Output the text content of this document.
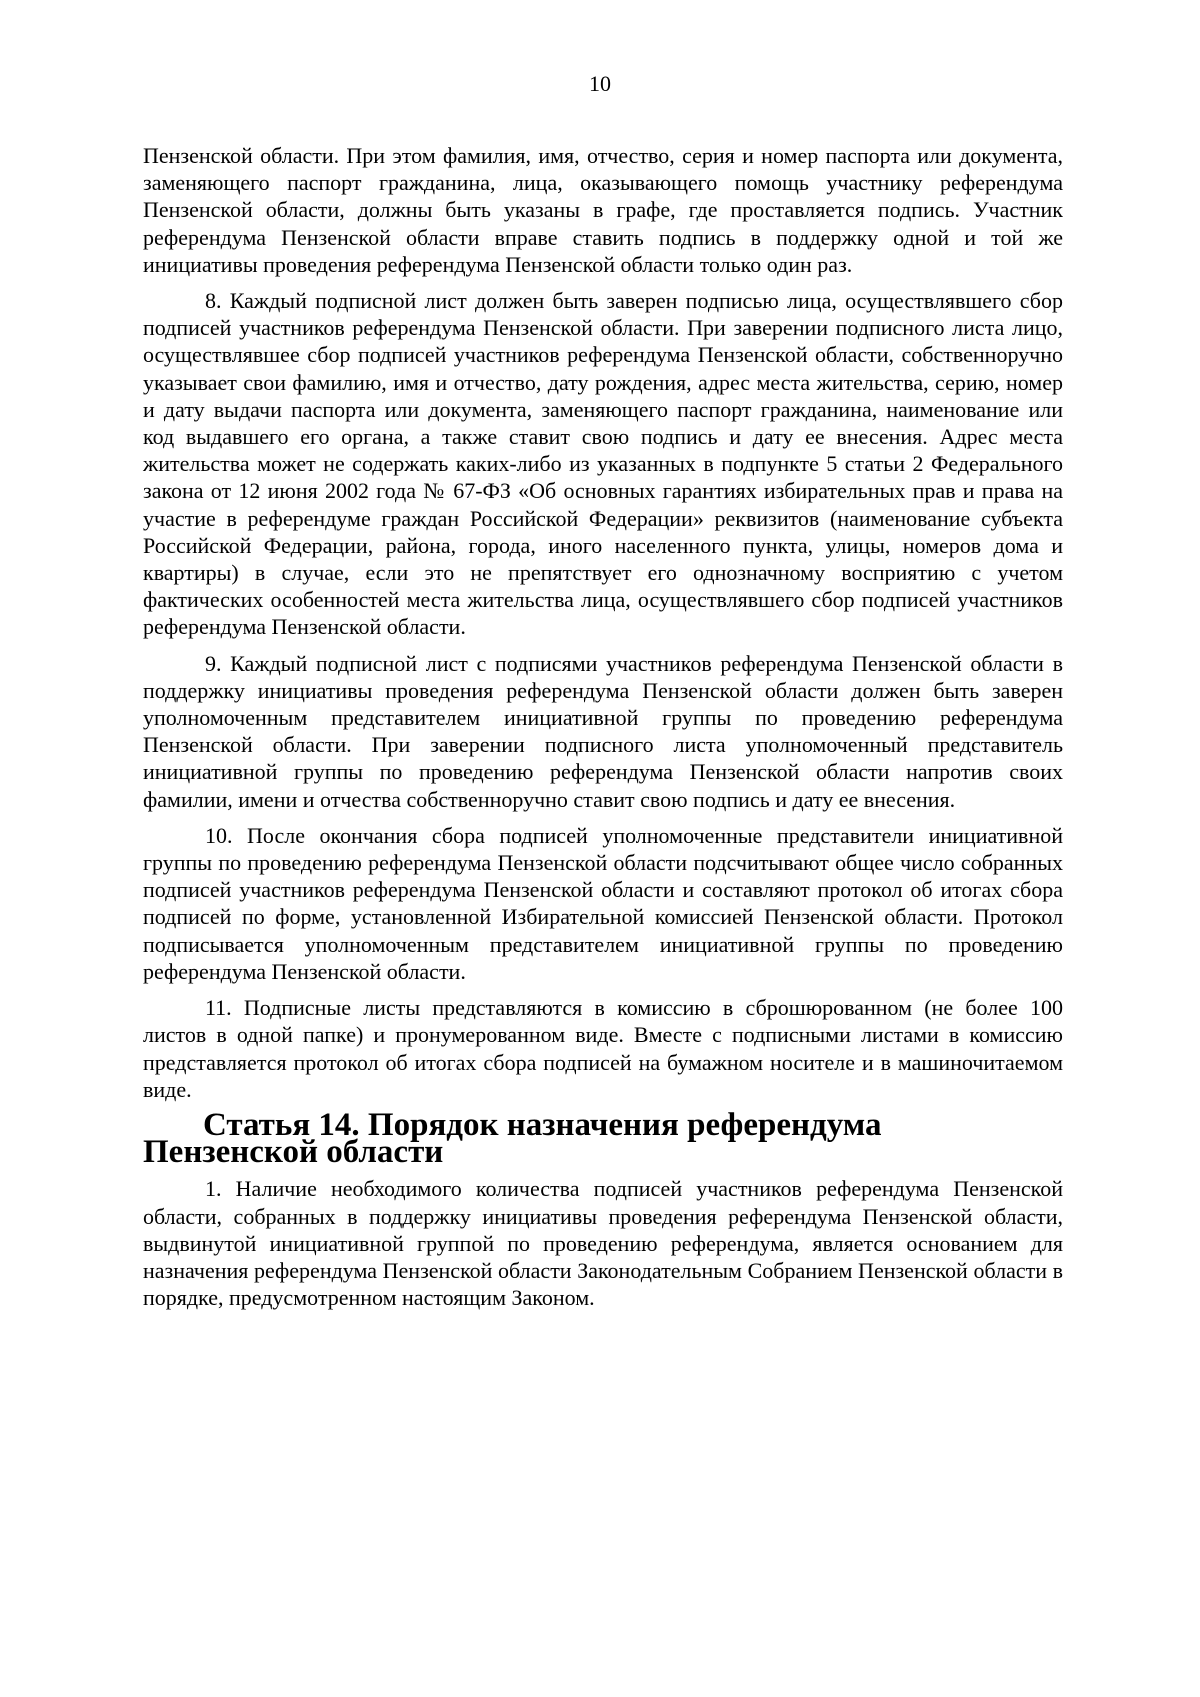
10

Пензенской области. При этом фамилия, имя, отчество, серия и номер паспорта или документа, заменяющего паспорт гражданина, лица, оказывающего помощь участнику референдума Пензенской области, должны быть указаны в графе, где проставляется подпись. Участник референдума Пензенской области вправе ставить подпись в поддержку одной и той же инициативы проведения референдума Пензенской области только один раз.

8. Каждый подписной лист должен быть заверен подписью лица, осуществлявшего сбор подписей участников референдума Пензенской области. При заверении подписного листа лицо, осуществлявшее сбор подписей участников референдума Пензенской области, собственноручно указывает свои фамилию, имя и отчество, дату рождения, адрес места жительства, серию, номер и дату выдачи паспорта или документа, заменяющего паспорт гражданина, наименование или код выдавшего его органа, а также ставит свою подпись и дату ее внесения. Адрес места жительства может не содержать каких-либо из указанных в подпункте 5 статьи 2 Федерального закона от 12 июня 2002 года № 67-ФЗ «Об основных гарантиях избирательных прав и права на участие в референдуме граждан Российской Федерации» реквизитов (наименование субъекта Российской Федерации, района, города, иного населенного пункта, улицы, номеров дома и квартиры) в случае, если это не препятствует его однозначному восприятию с учетом фактических особенностей места жительства лица, осуществлявшего сбор подписей участников референдума Пензенской области.

9. Каждый подписной лист с подписями участников референдума Пензенской области в поддержку инициативы проведения референдума Пензенской области должен быть заверен уполномоченным представителем инициативной группы по проведению референдума Пензенской области. При заверении подписного листа уполномоченный представитель инициативной группы по проведению референдума Пензенской области напротив своих фамилии, имени и отчества собственноручно ставит свою подпись и дату ее внесения.

10. После окончания сбора подписей уполномоченные представители инициативной группы по проведению референдума Пензенской области подсчитывают общее число собранных подписей участников референдума Пензенской области и составляют протокол об итогах сбора подписей по форме, установленной Избирательной комиссией Пензенской области. Протокол подписывается уполномоченным представителем инициативной группы по проведению референдума Пензенской области.

11. Подписные листы представляются в комиссию в сброшюрованном (не более 100 листов в одной папке) и пронумерованном виде. Вместе с подписными листами в комиссию представляется протокол об итогах сбора подписей на бумажном носителе и в машиночитаемом виде.

Статья 14. Порядок назначения референдума Пензенской области

1. Наличие необходимого количества подписей участников референдума Пензенской области, собранных в поддержку инициативы проведения референдума Пензенской области, выдвинутой инициативной группой по проведению референдума, является основанием для назначения референдума Пензенской области Законодательным Собранием Пензенской области в порядке, предусмотренном настоящим Законом.
